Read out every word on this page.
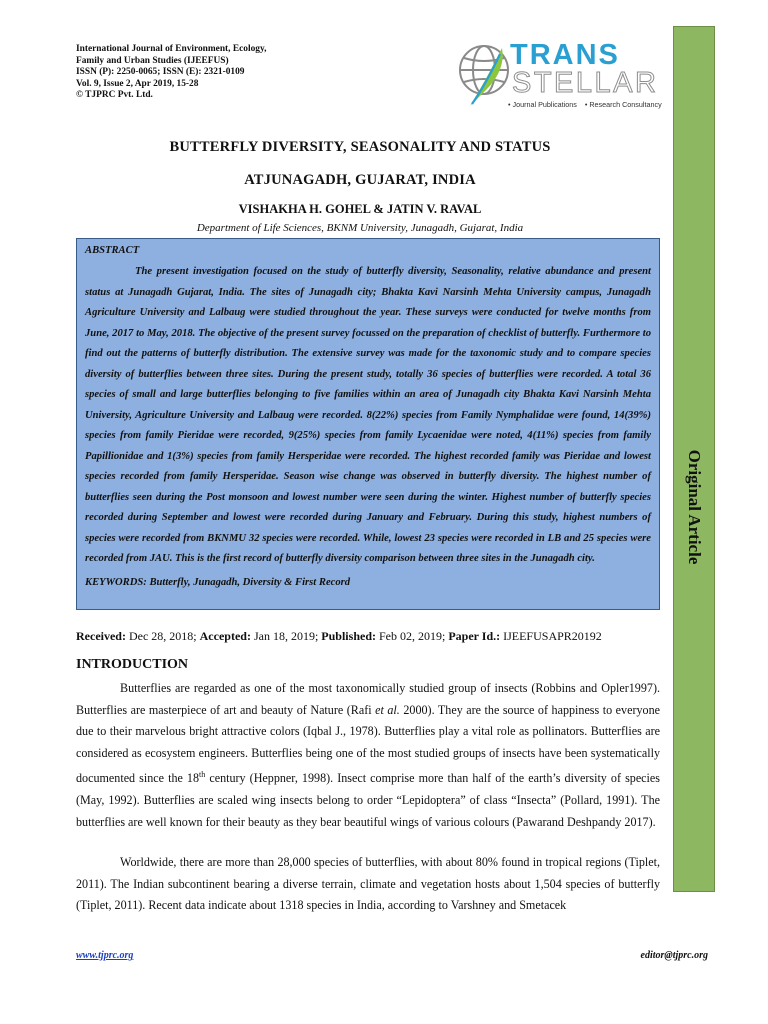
International Journal of Environment, Ecology,
Family and Urban Studies (IJEEFUS)
ISSN (P): 2250-0065; ISSN (E): 2321-0109
Vol. 9, Issue 2, Apr 2019, 15-28
© TJPRC Pvt. Ltd.
TRANS
STELLAR
• Journal Publications • Research Consultancy
Original Article
BUTTERFLY DIVERSITY, SEASONALITY AND STATUS
ATJUNAGADH, GUJARAT, INDIA
VISHAKHA H. GOHEL & JATIN V. RAVAL
Department of Life Sciences, BKNM University, Junagadh, Gujarat, India
ABSTRACT
The present investigation focused on the study of butterfly diversity, Seasonality, relative abundance and present status at Junagadh Gujarat, India. The sites of Junagadh city; Bhakta Kavi Narsinh Mehta University campus, Junagadh Agriculture University and Lalbaug were studied throughout the year. These surveys were conducted for twelve months from June, 2017 to May, 2018. The objective of the present survey focussed on the preparation of checklist of butterfly. Furthermore to find out the patterns of butterfly distribution. The extensive survey was made for the taxonomic study and to compare species diversity of butterflies between three sites. During the present study, totally 36 species of butterflies were recorded. A total 36 species of small and large butterflies belonging to five families within an area of Junagadh city Bhakta Kavi Narsinh Mehta University, Agriculture University and Lalbaug were recorded. 8(22%) species from Family Nymphalidae were found, 14(39%) species from family Pieridae were recorded, 9(25%) species from family Lycaenidae were noted, 4(11%) species from family Papillionidae and 1(3%) species from family Hersperidae were recorded. The highest recorded family was Pieridae and lowest species recorded from family Hersperidae. Season wise change was observed in butterfly diversity. The highest number of butterflies seen during the Post monsoon and lowest number were seen during the winter. Highest number of butterfly species recorded during September and lowest were recorded during January and February. During this study, highest numbers of species were recorded from BKNMU 32 species were recorded. While, lowest 23 species were recorded in LB and 25 species were recorded from JAU. This is the first record of butterfly diversity comparison between three sites in the Junagadh city.
KEYWORDS: Butterfly, Junagadh, Diversity & First Record
Received: Dec 28, 2018; Accepted: Jan 18, 2019; Published: Feb 02, 2019; Paper Id.: IJEEFUSAPR20192
INTRODUCTION
Butterflies are regarded as one of the most taxonomically studied group of insects (Robbins and Opler1997). Butterflies are masterpiece of art and beauty of Nature (Rafi et al. 2000). They are the source of happiness to everyone due to their marvelous bright attractive colors (Iqbal J., 1978). Butterflies play a vital role as pollinators. Butterflies are considered as ecosystem engineers. Butterflies being one of the most studied groups of insects have been systematically documented since the 18th century (Heppner, 1998). Insect comprise more than half of the earth’s diversity of species (May, 1992). Butterflies are scaled wing insects belong to order “Lepidoptera” of class “Insecta” (Pollard, 1991). The butterflies are well known for their beauty as they bear beautiful wings of various colours (Pawarand Deshpandy 2017).
Worldwide, there are more than 28,000 species of butterflies, with about 80% found in tropical regions (Tiplet, 2011). The Indian subcontinent bearing a diverse terrain, climate and vegetation hosts about 1,504 species of butterfly (Tiplet, 2011). Recent data indicate about 1318 species in India, according to Varshney and Smetacek
www.tjprc.org	editor@tjprc.org
